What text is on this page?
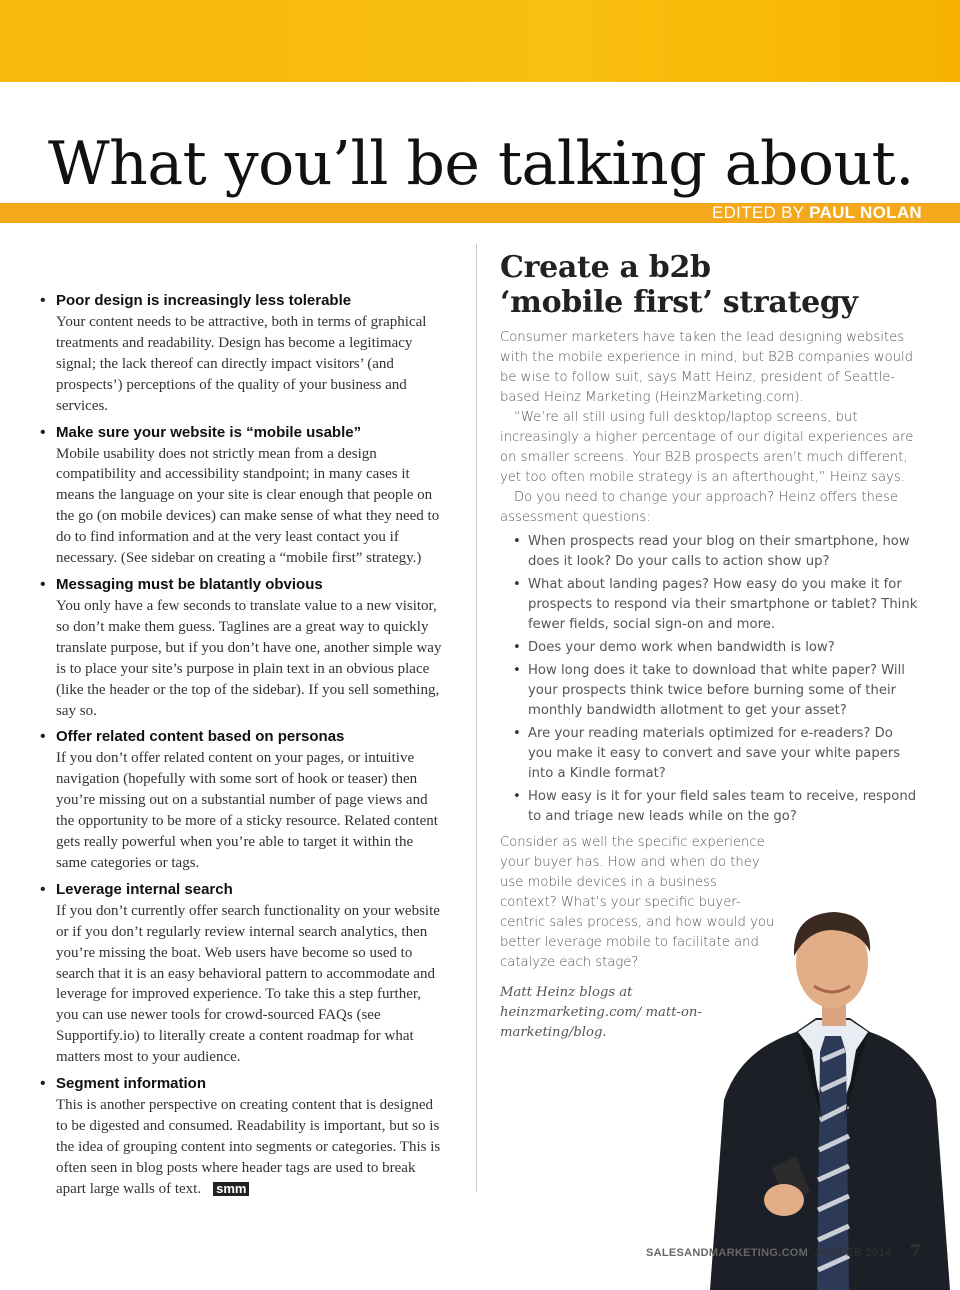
What you’ll be talking about.
EDITED BY PAUL NOLAN
• Poor design is increasingly less tolerable
Your content needs to be attractive, both in terms of graphical treatments and readability. Design has become a legitimacy signal; the lack thereof can directly impact visitors’ (and prospects’) perceptions of the quality of your business and services.
• Make sure your website is “mobile usable”
Mobile usability does not strictly mean from a design compatibility and accessibility standpoint; in many cases it means the language on your site is clear enough that people on the go (on mobile devices) can make sense of what they need to do to find information and at the very least contact you if necessary. (See sidebar on creating a “mobile first” strategy.)
• Messaging must be blatantly obvious
You only have a few seconds to translate value to a new visitor, so don’t make them guess. Taglines are a great way to quickly translate purpose, but if you don’t have one, another simple way is to place your site’s purpose in plain text in an obvious place (like the header or the top of the sidebar). If you sell something, say so.
• Offer related content based on personas
If you don’t offer related content on your pages, or intuitive navigation (hopefully with some sort of hook or teaser) then you’re missing out on a substantial number of page views and the opportunity to be more of a sticky resource. Related content gets really powerful when you’re able to target it within the same categories or tags.
• Leverage internal search
If you don’t currently offer search functionality on your website or if you don’t regularly review internal search analytics, then you’re missing the boat. Web users have become so used to search that it is an easy behavioral pattern to accommodate and leverage for improved experience. To take this a step further, you can use newer tools for crowd-sourced FAQs (see Supportify.io) to literally create a content roadmap for what matters most to your audience.
• Segment information
This is another perspective on creating content that is designed to be digested and consumed. Readability is important, but so is the idea of grouping content into segments or categories. This is often seen in blog posts where header tags are used to break apart large walls of text. smm
Create a b2b
‘mobile first’ strategy

Consumer marketers have taken the lead designing websites with the mobile experience in mind, but B2B companies would be wise to follow suit, says Matt Heinz, president of Seattle-based Heinz Marketing (HeinzMarketing.com).

“We’re all still using full desktop/laptop screens, but increasingly a higher percentage of our digital experiences are on smaller screens. Your B2B prospects aren’t much different, yet too often mobile strategy is an afterthought,” Heinz says.

Do you need to change your approach? Heinz offers these assessment questions:

• When prospects read your blog on their smartphone, how does it look? Do your calls to action show up?
• What about landing pages? How easy do you make it for prospects to respond via their smartphone or tablet? Think fewer fields, social sign-on and more.
• Does your demo work when bandwidth is low?
• How long does it take to download that white paper? Will your prospects think twice before burning some of their monthly bandwidth allotment to get your asset?
• Are your reading materials optimized for e-readers? Do you make it easy to convert and save your white papers into a Kindle format?
• How easy is it for your field sales team to receive, respond to and triage new leads while on the go?

Consider as well the specific experience your buyer has. How and when do they use mobile devices in a business context? What’s your specific buyer-centric sales process, and how would you better leverage mobile to facilitate and catalyze each stage?

Matt Heinz blogs at heinzmarketing.com/ matt-on-marketing/blog.

SALESANDMARKETING.COM JAN/FEB 2014 7
